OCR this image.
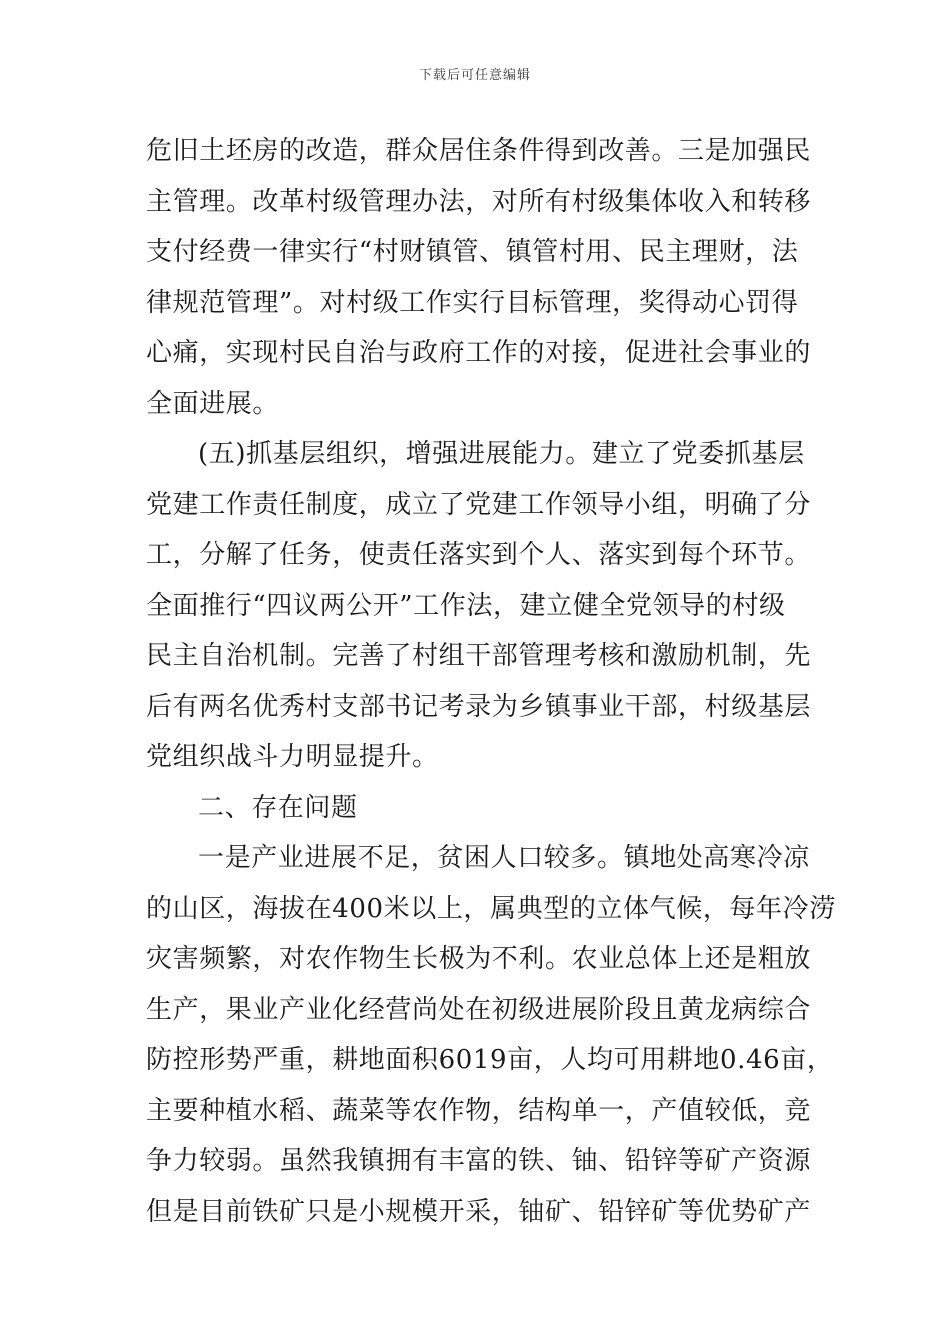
下载后可任意编辑
危旧土坯房的改造，群众居住条件得到改善。三是加强民
主管理。改革村级管理办法，对所有村级集体收入和转移
支付经费一律实行“村财镇管、镇管村用、民主理财，法
律规范管理”。对村级工作实行目标管理，奖得动心罚得
心痛，实现村民自治与政府工作的对接，促进社会事业的
全面进展。
(五)抓基层组织，增强进展能力。建立了党委抓基层
党建工作责任制度，成立了党建工作领导小组，明确了分
工，分解了任务，使责任落实到个人、落实到每个环节。
全面推行“四议两公开”工作法，建立健全党领导的村级
民主自治机制。完善了村组干部管理考核和激励机制，先
后有两名优秀村支部书记考录为乡镇事业干部，村级基层
党组织战斗力明显提升。
二、存在问题
一是产业进展不足，贫困人口较多。镇地处高寒冷凉
的山区，海拔在400米以上，属典型的立体气候，每年冷涝
灾害频繁，对农作物生长极为不利。农业总体上还是粗放
生产，果业产业化经营尚处在初级进展阶段且黄龙病综合
防控形势严重，耕地面积6019亩，人均可用耕地0.46亩，
主要种植水稻、蔬菜等农作物，结构单一，产值较低，竞
争力较弱。虽然我镇拥有丰富的铁、铀、铅锌等矿产资源
但是目前铁矿只是小规模开采，铀矿、铅锌矿等优势矿产
